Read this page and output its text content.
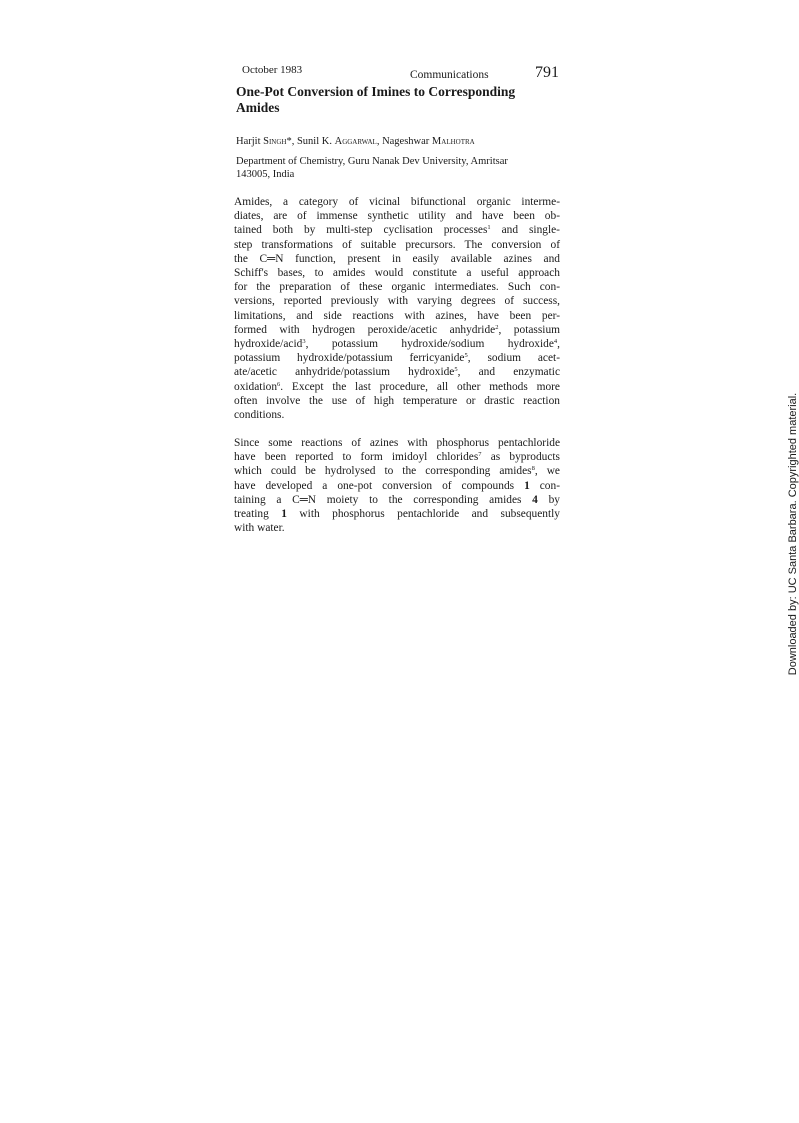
October 1983	Communications	791
One-Pot Conversion of Imines to Corresponding Amides
Harjit Singh*, Sunil K. Aggarwal, Nageshwar Malhotra
Department of Chemistry, Guru Nanak Dev University, Amritsar
143005, India
Amides, a category of vicinal bifunctional organic interme-
diates, are of immense synthetic utility and have been ob-
tained both by multi-step cyclisation processes$^1$ and single-
step transformations of suitable precursors. The conversion of
the C═N function, present in easily available azines and
Schiff's bases, to amides would constitute a useful approach
for the preparation of these organic intermediates. Such con-
versions, reported previously with varying degrees of success,
limitations, and side reactions with azines, have been per-
formed with hydrogen peroxide/acetic anhydride$^2$, potassium
hydroxide/acid$^3$, potassium hydroxide/sodium hydroxide$^4$,
potassium hydroxide/potassium ferricyanide$^5$, sodium acet-
ate/acetic anhydride/potassium hydroxide$^5$, and enzymatic
oxidation$^6$. Except the last procedure, all other methods more
often involve the use of high temperature or drastic reaction
conditions.
Since some reactions of azines with phosphorus pentachloride
have been reported to form imidoyl chlorides$^7$ as byproducts
which could be hydrolysed to the corresponding amides$^8$, we
have developed a one-pot conversion of compounds 1 con-
taining a C═N moiety to the corresponding amides 4 by
treating 1 with phosphorus pentachloride and subsequently
with water.	Downloaded by: UC Santa Barbara. Copyrighted material.
